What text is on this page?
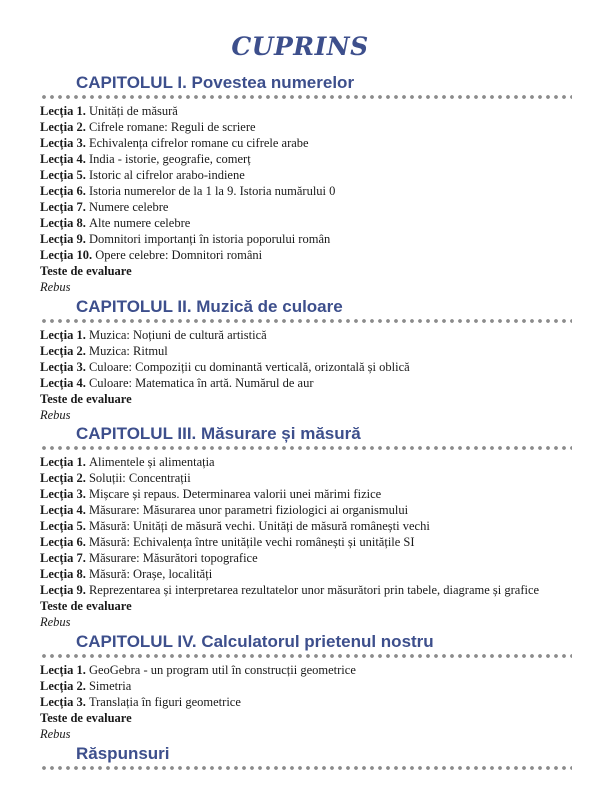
CUPRINS
CAPITOLUL I. Povestea numerelor
Lecția 1. Unități de măsură
Lecția 2. Cifrele romane: Reguli de scriere
Lecția 3. Echivalența cifrelor romane cu cifrele arabe
Lecția 4. India - istorie, geografie, comerț
Lecția 5. Istoric al cifrelor arabo-indiene
Lecția 6. Istoria numerelor de la 1 la 9. Istoria numărului 0
Lecția 7. Numere celebre
Lecția 8. Alte numere celebre
Lecția 9. Domnitori importanți în istoria poporului român
Lecția 10. Opere celebre: Domnitori români
Teste de evaluare
Rebus
CAPITOLUL II. Muzică de culoare
Lecția 1. Muzica: Noțiuni de cultură artistică
Lecția 2. Muzica: Ritmul
Lecția 3. Culoare: Compoziții cu dominantă verticală, orizontală și oblică
Lecția 4. Culoare: Matematica în artă. Numărul de aur
Teste de evaluare
Rebus
CAPITOLUL III. Măsurare și măsură
Lecția 1. Alimentele și alimentația
Lecția 2. Soluții: Concentrații
Lecția 3. Mișcare și repaus. Determinarea valorii unei mărimi fizice
Lecția 4. Măsurare: Măsurarea unor parametri fiziologici ai organismului
Lecția 5. Măsură: Unități de măsură vechi. Unități de măsură românești vechi
Lecția 6. Măsură: Echivalența între unitățile vechi românești și unitățile SI
Lecția 7. Măsurare: Măsurători topografice
Lecția 8. Măsură: Orașe, localități
Lecția 9. Reprezentarea și interpretarea rezultatelor unor măsurători prin tabele, diagrame și grafice
Teste de evaluare
Rebus
CAPITOLUL IV. Calculatorul prietenul nostru
Lecția 1. GeoGebra - un program util în construcții geometrice
Lecția 2. Simetria
Lecția 3. Translația în figuri geometrice
Teste de evaluare
Rebus
Răspunsuri
